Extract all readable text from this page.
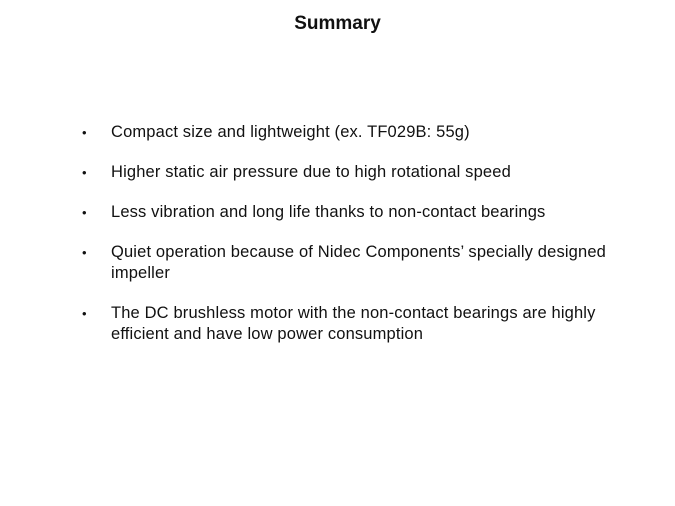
Summary
•	Compact size and lightweight (ex. TF029B: 55g)
•	Higher static air pressure due to high rotational speed
•	Less vibration and long life thanks to non-contact bearings
•	Quiet operation because of Nidec Components’ specially designed impeller
•	The DC brushless motor with the non-contact bearings are highly efficient and have low power consumption
